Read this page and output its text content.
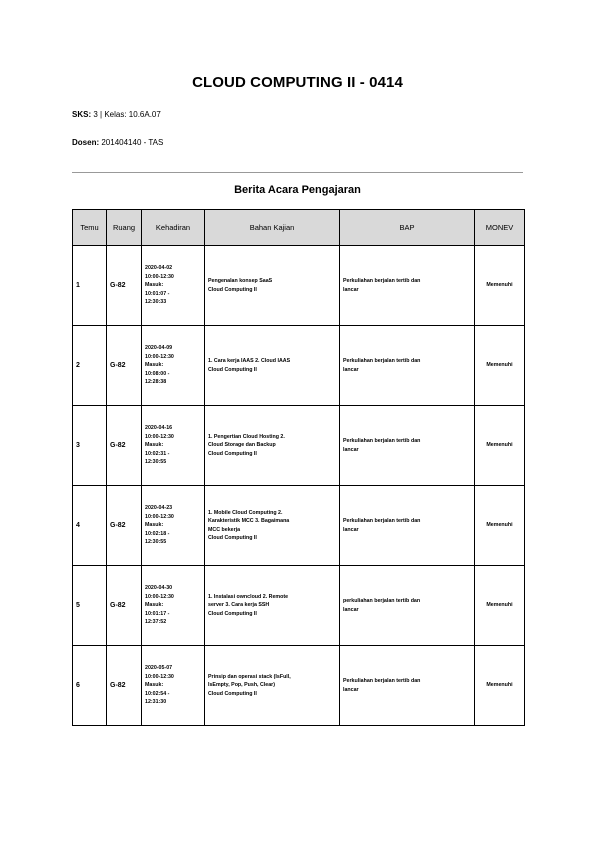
CLOUD COMPUTING II - 0414
SKS: 3 | Kelas: 10.6A.07
Dosen: 201404140 - TAS
Berita Acara Pengajaran
Temu	Ruang	Kehadiran	Bahan Kajian	BAP	MONEV
1	G-82	2020-04-02
10:00-12:30
Masuk:
10:01:07 -
12:30:33	Pengenalan konsep SaaS
Cloud Computing II	Perkuliahan berjalan tertib dan
lancar	Memenuhi
2	G-82	2020-04-09
10:00-12:30
Masuk:
10:08:00 -
12:28:38	1. Cara kerja IAAS 2. Cloud IAAS
Cloud Computing II	Perkuliahan berjalan tertib dan
lancar	Memenuhi
3	G-82	2020-04-16
10:00-12:30
Masuk:
10:02:31 -
12:30:55	1. Pengertian Cloud Hosting 2.
Cloud Storage dan Backup
Cloud Computing II	Perkuliahan berjalan tertib dan
lancar	Memenuhi
4	G-82	2020-04-23
10:00-12:30
Masuk:
10:02:18 -
12:30:55	1. Mobile Cloud Computing 2.
Karakteristik MCC 3. Bagaimana
MCC bekerja
Cloud Computing II	Perkuliahan berjalan tertib dan
lancar	Memenuhi
5	G-82	2020-04-30
10:00-12:30
Masuk:
10:01:17 -
12:37:52	1. Instalasi owncloud 2. Remote
server 3. Cara kerja SSH
Cloud Computing II	perkuliahan berjalan tertib dan
lancar	Memenuhi
6	G-82	2020-05-07
10:00-12:30
Masuk:
10:02:54 -
12:31:30	Prinsip dan operasi stack (IsFull,
IsEmpty, Pop, Push, Clear)
Cloud Computing II	Perkuliahan berjalan tertib dan
lancar	Memenuhi
